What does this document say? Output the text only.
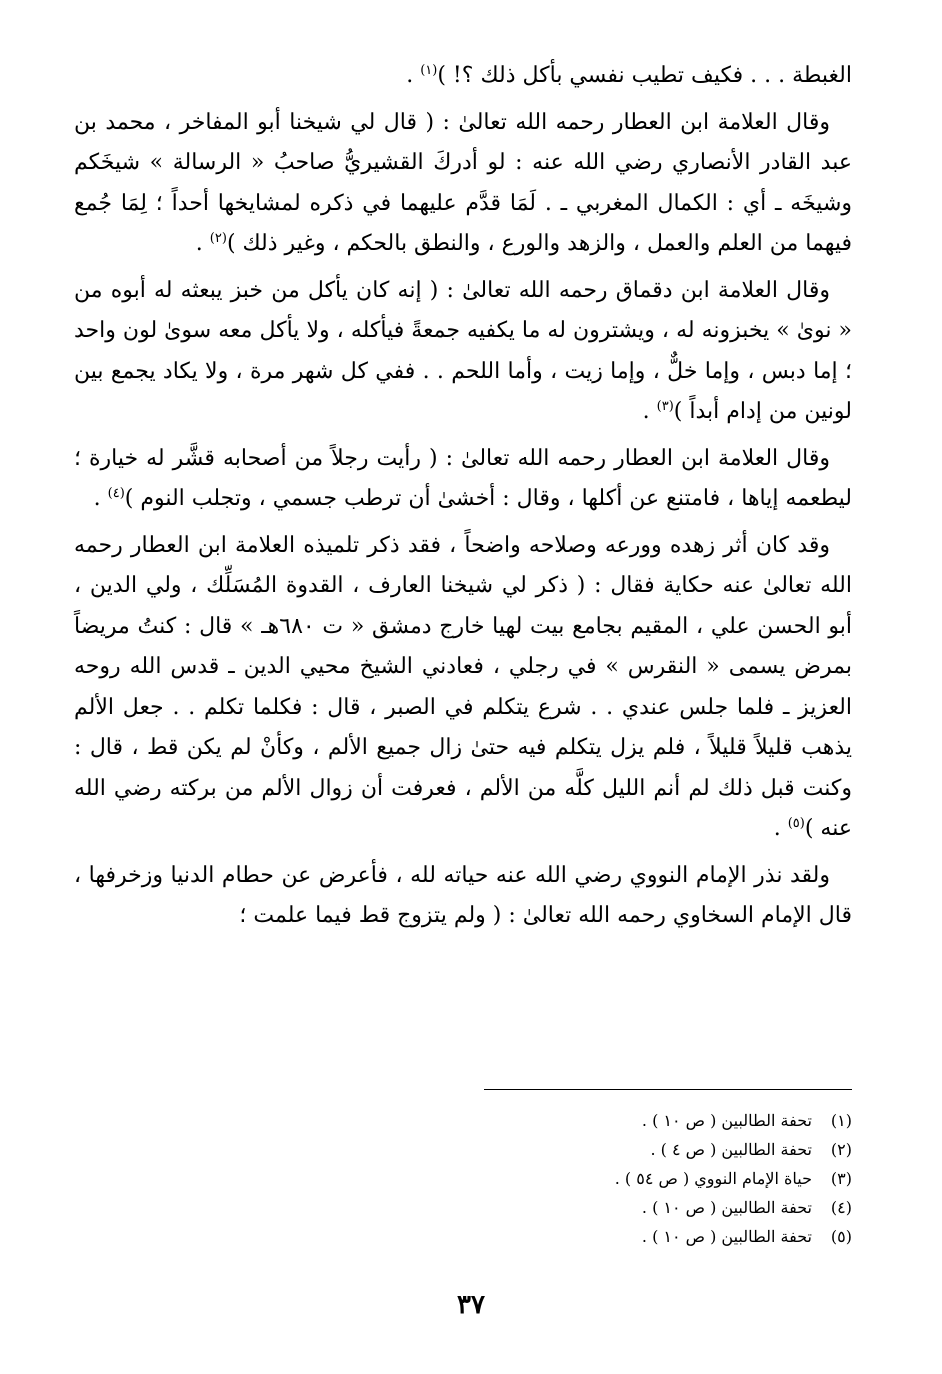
الغبطة . . . فكيف تطيب نفسي بأكل ذلك ؟! )$^{(١)}$ .

وقال العلامة ابن العطار رحمه الله تعالىٰ : ( قال لي شيخنا أبو المفاخر ، محمد بن عبد القادر الأنصاري رضي الله عنه : لو أدركَ القشيريُّ صاحبُ « الرسالة » شيخَكم وشيخَه ـ أي : الكمال المغربي ـ . لَمَا قدَّم عليهما في ذكره لمشايخها أحداً ؛ لِمَا جُمع فيهما من العلم والعمل ، والزهد والورع ، والنطق بالحكم ، وغير ذلك )$^{(٢)}$ .

وقال العلامة ابن دقماق رحمه الله تعالىٰ : ( إنه كان يأكل من خبز يبعثه له أبوه من « نوىٰ » يخبزونه له ، ويشترون له ما يكفيه جمعةً فيأكله ، ولا يأكل معه سوىٰ لون واحد ؛ إما دبس ، وإما خلٌّ ، وإما زيت ، وأما اللحم . . ففي كل شهر مرة ، ولا يكاد يجمع بين لونين من إدام أبداً )$^{(٣)}$ .

وقال العلامة ابن العطار رحمه الله تعالىٰ : ( رأيت رجلاً من أصحابه قشَّر له خيارة ؛ ليطعمه إياها ، فامتنع عن أكلها ، وقال : أخشىٰ أن ترطب جسمي ، وتجلب النوم )$^{(٤)}$ .

وقد كان أثر زهده وورعه وصلاحه واضحاً ، فقد ذكر تلميذه العلامة ابن العطار رحمه الله تعالىٰ عنه حكاية فقال : ( ذكر لي شيخنا العارف ، القدوة المُسَلِّك ، ولي الدين ، أبو الحسن علي ، المقيم بجامع بيت لهيا خارج دمشق « ت ٦٨٠هـ » قال : كنتُ مريضاً بمرض يسمى « النقرس » في رجلي ، فعادني الشيخ محيي الدين ـ قدس الله روحه العزيز ـ فلما جلس عندي . . شرع يتكلم في الصبر ، قال : فكلما تكلم . . جعل الألم يذهب قليلاً قليلاً ، فلم يزل يتكلم فيه حتىٰ زال جميع الألم ، وكأنْ لم يكن قط ، قال : وكنت قبل ذلك لم أنم الليل كلَّه من الألم ، فعرفت أن زوال الألم من بركته رضي الله عنه )$^{(٥)}$ .

ولقد نذر الإمام النووي رضي الله عنه حياته لله ، فأعرض عن حطام الدنيا وزخرفها ، قال الإمام السخاوي رحمه الله تعالىٰ : ( ولم يتزوج قط فيما علمت ؛

(١)تحفة الطالبين ( ص ١٠ ) .
(٢)تحفة الطالبين ( ص ٤ ) .
(٣)حياة الإمام النووي ( ص ٥٤ ) .
(٤)تحفة الطالبين ( ص ١٠ ) .
(٥)تحفة الطالبين ( ص ١٠ ) .
٣٧
